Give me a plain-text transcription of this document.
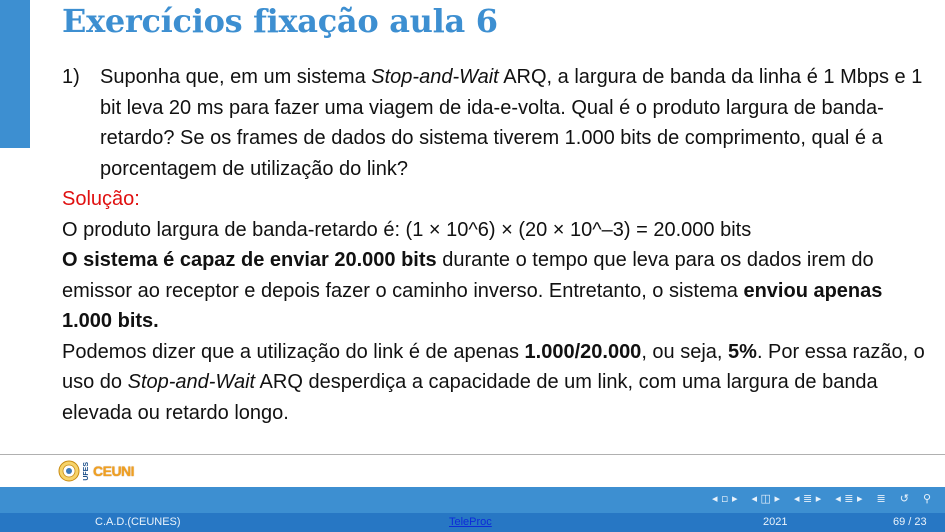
Exercícios fixação aula 6

1) Suponha que, em um sistema Stop-and-Wait ARQ, a largura de banda da linha é 1 Mbps e 1 bit leva 20 ms para fazer uma viagem de ida-e-volta. Qual é o produto largura de banda-retardo? Se os frames de dados do sistema tiverem 1.000 bits de comprimento, qual é a porcentagem de utilização do link?

Solução:

O produto largura de banda-retardo é: (1 × 10^6) × (20 × 10^–3) = 20.000 bits

O sistema é capaz de enviar 20.000 bits durante o tempo que leva para os dados irem do emissor ao receptor e depois fazer o caminho inverso. Entretanto, o sistema enviou apenas 1.000 bits.

Podemos dizer que a utilização do link é de apenas 1.000/20.000, ou seja, 5%. Por essa razão, o uso do Stop-and-Wait ARQ desperdiça a capacidade de um link, com uma largura de banda elevada ou retardo longo.

UFES CEUNI
◂ ▫ ▸ ◂ ◫ ▸ ◂ ≣ ▸ ◂ ≣ ▸ ≣ ↺ ⚲
C.A.D.(CEUNES)	TeleProc	2021	69 / 23
